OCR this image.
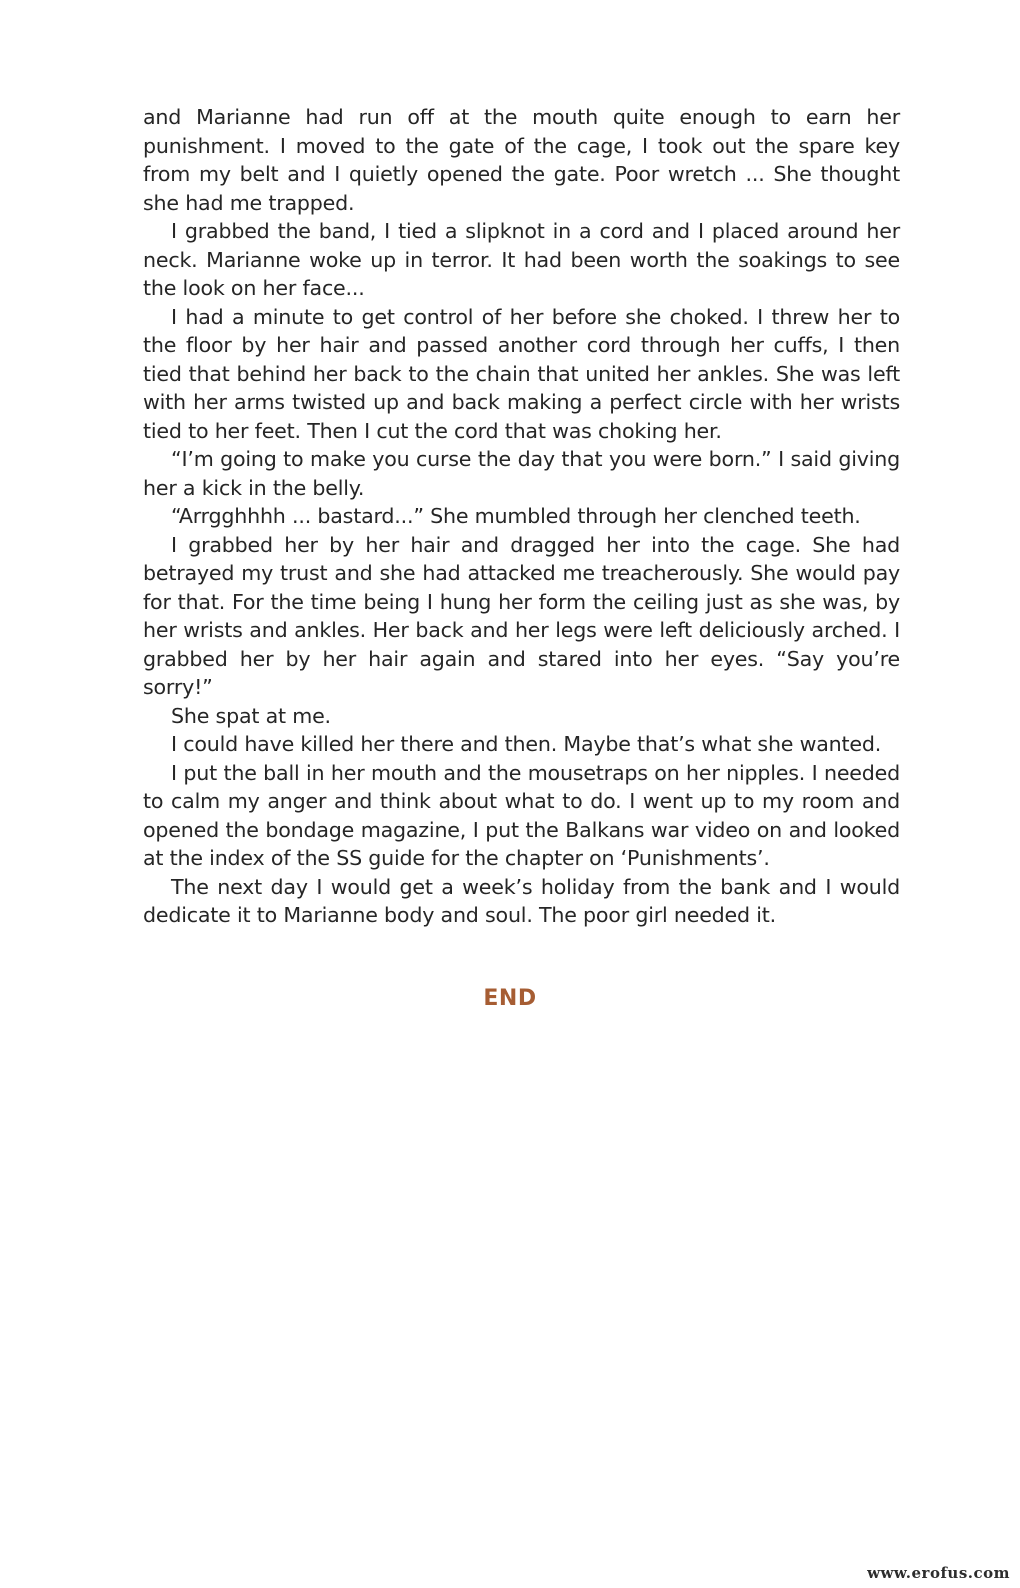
and Marianne had run off at the mouth quite enough to earn her punishment. I moved to the gate of the cage, I took out the spare key from my belt and I quietly opened the gate. Poor wretch ... She thought she had me trapped.

I grabbed the band, I tied a slipknot in a cord and I placed around her neck. Marianne woke up in terror. It had been worth the soakings to see the look on her face...

I had a minute to get control of her before she choked. I threw her to the floor by her hair and passed another cord through her cuffs, I then tied that behind her back to the chain that united her ankles. She was left with her arms twisted up and back making a perfect circle with her wrists tied to her feet. Then I cut the cord that was choking her.

“I’m going to make you curse the day that you were born.” I said giving her a kick in the belly.

“Arrgghhhh ... bastard...” She mumbled through her clenched teeth.

I grabbed her by her hair and dragged her into the cage. She had betrayed my trust and she had attacked me treacherously. She would pay for that. For the time being I hung her form the ceiling just as she was, by her wrists and ankles. Her back and her legs were left deliciously arched. I grabbed her by her hair again and stared into her eyes. “Say you’re sorry!”

She spat at me.

I could have killed her there and then. Maybe that’s what she wanted.

I put the ball in her mouth and the mousetraps on her nipples. I needed to calm my anger and think about what to do. I went up to my room and opened the bondage magazine, I put the Balkans war video on and looked at the index of the SS guide for the chapter on ‘Punishments’.

The next day I would get a week’s holiday from the bank and I would dedicate it to Marianne body and soul. The poor girl needed it.

END
www.erofus.com
